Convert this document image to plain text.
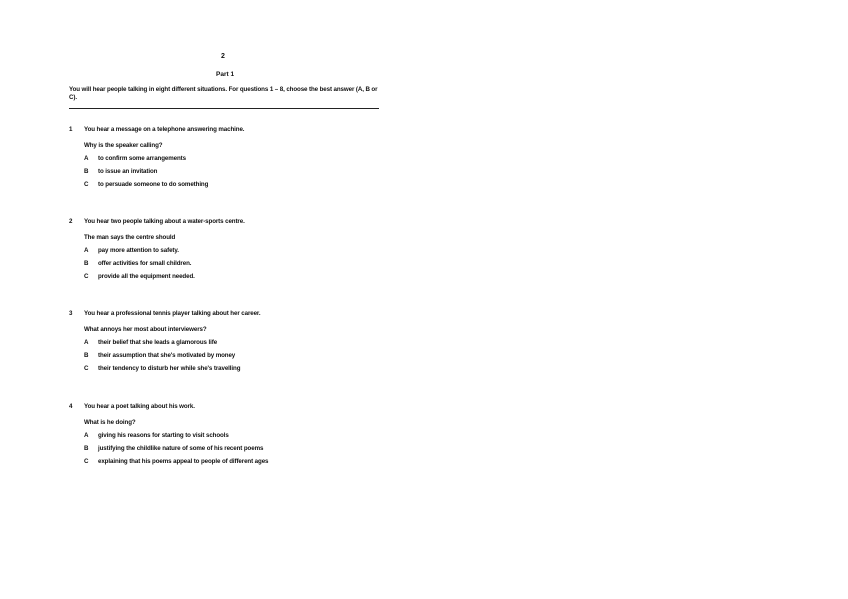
2
Part 1
You will hear people talking in eight different situations. For questions 1 – 8, choose the best answer (A, B or C).
1 You hear a message on a telephone answering machine.
Why is the speaker calling?
A to confirm some arrangements
B to issue an invitation
C to persuade someone to do something
2 You hear two people talking about a water-sports centre.
The man says the centre should
A pay more attention to safety.
B offer activities for small children.
C provide all the equipment needed.
3 You hear a professional tennis player talking about her career.
What annoys her most about interviewers?
A their belief that she leads a glamorous life
B their assumption that she's motivated by money
C their tendency to disturb her while she's travelling
4 You hear a poet talking about his work.
What is he doing?
A giving his reasons for starting to visit schools
B justifying the childlike nature of some of his recent poems
C explaining that his poems appeal to people of different ages
